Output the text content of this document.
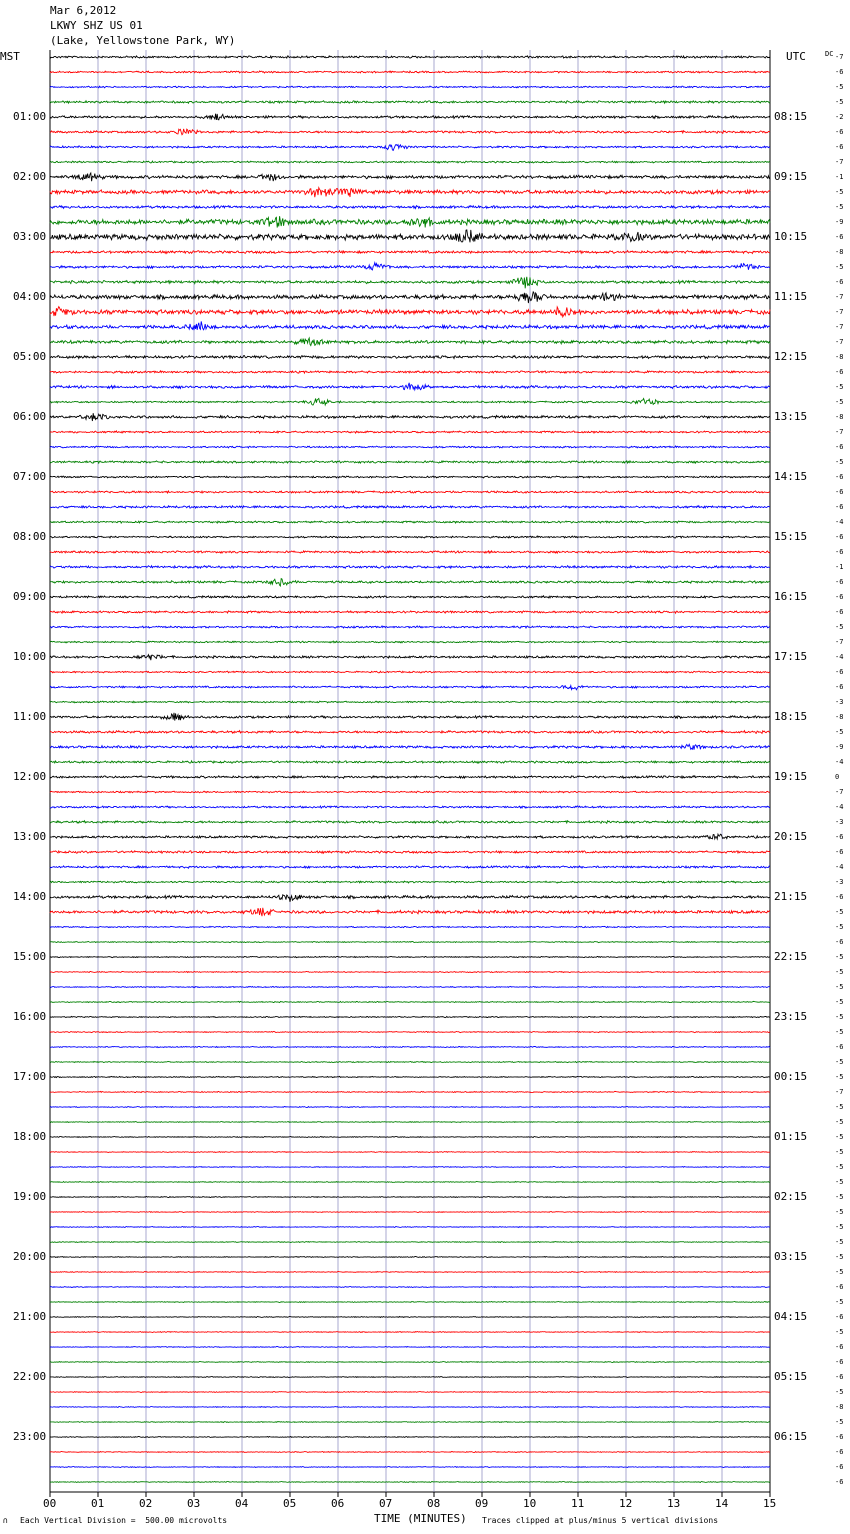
Mar 6,2012
LKWY SHZ US 01
(Lake, Yellowstone Park, WY)
MST	UTC	DC
00	01	02	03	04	05	06	07	08	09	10	11	12	13	14	15
-7
-6
-5
-5
-2
-6
-6
-7
-1
-5
-5
-9
-6
-8
-5
-6
-7
-7
-7
-7
-8
-6
-5
-5
-8
-7
-6
-5
-6
-6
-6
-4
-6
-6
-1
-6
-6
-6
-5
-7
-4
-6
-6
-3
-8
-5
-9
-4
0
-7
-4
-3
-6
-6
-4
-3
-6
-5
-5
-6
-5
-5
-5
-5
-5
-5
-6
-5
-5
-7
-5
-5
-5
-5
-5
-5
-5
-5
-5
-5
-5
-5
-6
-5
-6
-5
-6
-6
-6
-5
-8
-5
-6
-6
-6
-6
01:00
02:00
03:00
04:00
05:00
06:00
07:00
08:00
09:00
10:00
11:00
12:00
13:00
14:00
15:00
16:00
17:00
18:00
19:00
20:00
21:00
22:00
23:00
08:15
09:15
10:15
11:15
12:15
13:15
14:15
15:15
16:15
17:15
18:15
19:15
20:15
21:15
22:15
23:15
00:15
01:15
02:15
03:15
04:15
05:15
06:15
∩ Each Vertical Division =  500.00 microvolts	TIME (MINUTES) Traces clipped at plus/minus 5 vertical divisions
